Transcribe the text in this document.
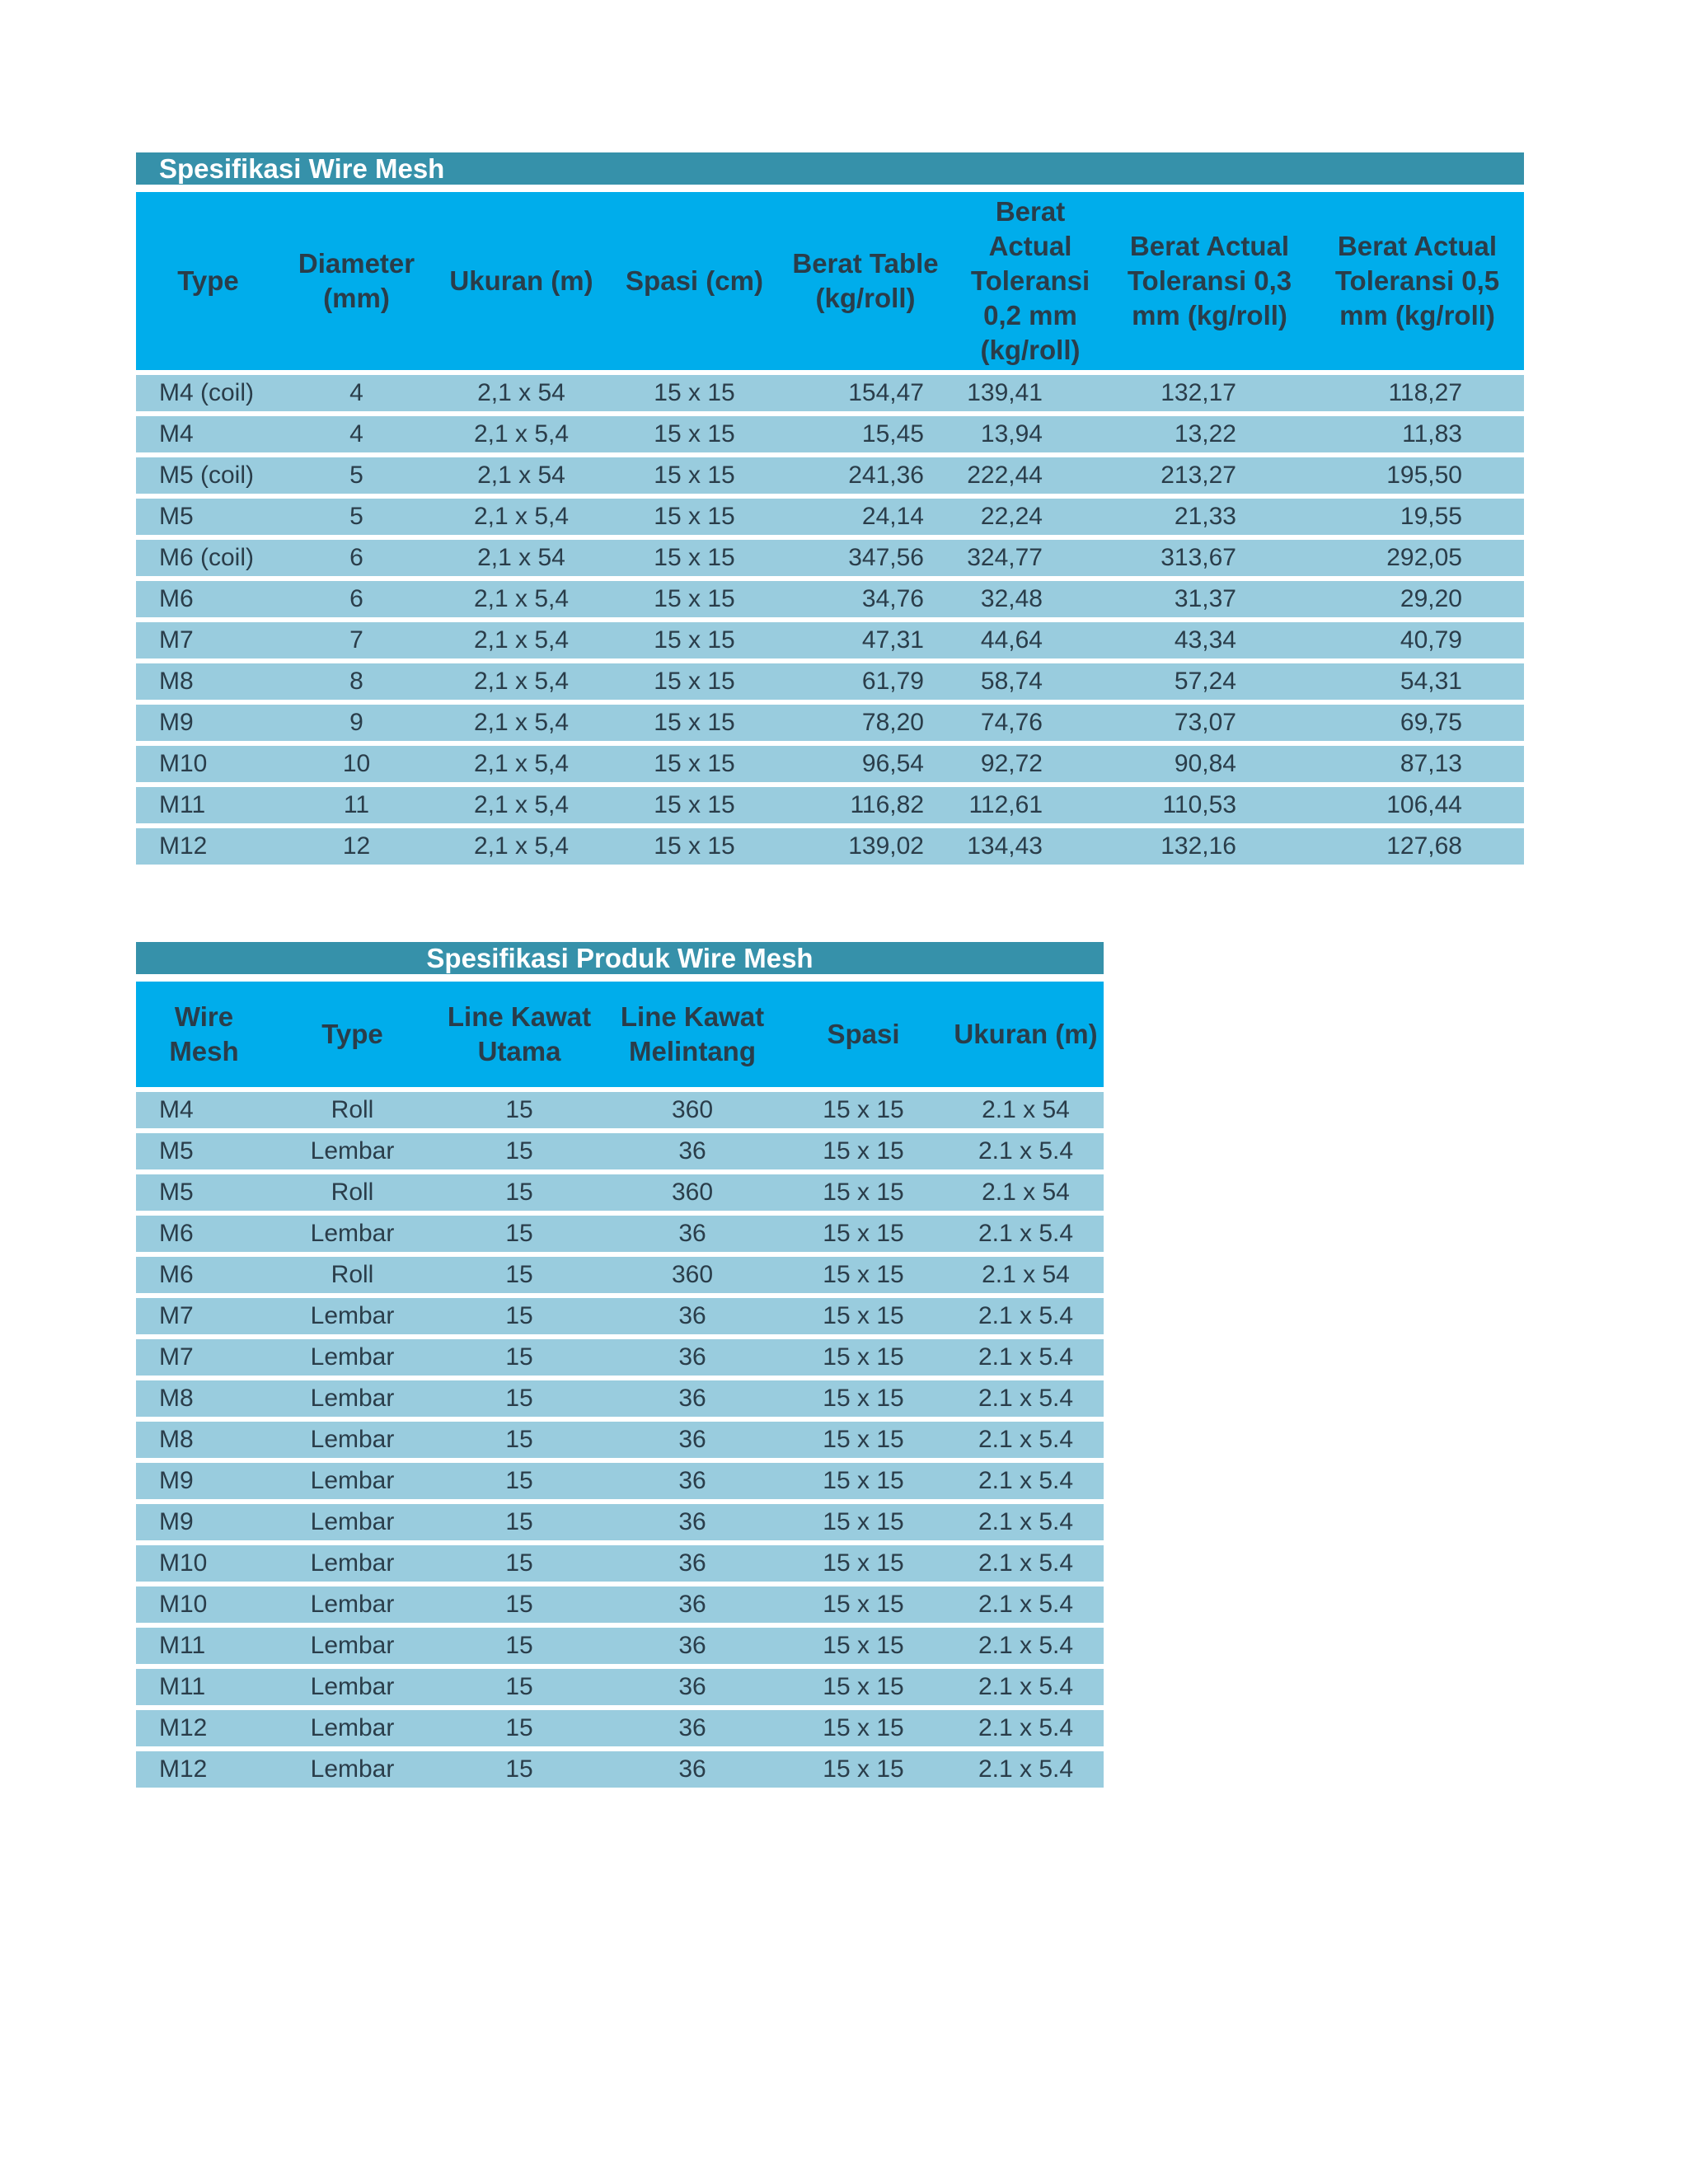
Spesifikasi Wire Mesh
Type	Diameter (mm)	Ukuran (m)	Spasi (cm)	Berat Table (kg/roll)	Berat Actual Toleransi 0,2 mm (kg/roll)	Berat Actual Toleransi 0,3 mm (kg/roll)	Berat Actual Toleransi 0,5 mm (kg/roll)
M4 (coil)	4	2,1 x 54	15 x 15	154,47	139,41	132,17	118,27
M4	4	2,1 x 5,4	15 x 15	15,45	13,94	13,22	11,83
M5 (coil)	5	2,1 x 54	15 x 15	241,36	222,44	213,27	195,50
M5	5	2,1 x 5,4	15 x 15	24,14	22,24	21,33	19,55
M6 (coil)	6	2,1 x 54	15 x 15	347,56	324,77	313,67	292,05
M6	6	2,1 x 5,4	15 x 15	34,76	32,48	31,37	29,20
M7	7	2,1 x 5,4	15 x 15	47,31	44,64	43,34	40,79
M8	8	2,1 x 5,4	15 x 15	61,79	58,74	57,24	54,31
M9	9	2,1 x 5,4	15 x 15	78,20	74,76	73,07	69,75
M10	10	2,1 x 5,4	15 x 15	96,54	92,72	90,84	87,13
M11	11	2,1 x 5,4	15 x 15	116,82	112,61	110,53	106,44
M12	12	2,1 x 5,4	15 x 15	139,02	134,43	132,16	127,68
Spesifikasi Produk Wire Mesh
Wire Mesh	Type	Line Kawat Utama	Line Kawat Melintang	Spasi	Ukuran (m)
M4	Roll	15	360	15 x 15	2.1 x 54
M5	Lembar	15	36	15 x 15	2.1 x 5.4
M5	Roll	15	360	15 x 15	2.1 x 54
M6	Lembar	15	36	15 x 15	2.1 x 5.4
M6	Roll	15	360	15 x 15	2.1 x 54
M7	Lembar	15	36	15 x 15	2.1 x 5.4
M7	Lembar	15	36	15 x 15	2.1 x 5.4
M8	Lembar	15	36	15 x 15	2.1 x 5.4
M8	Lembar	15	36	15 x 15	2.1 x 5.4
M9	Lembar	15	36	15 x 15	2.1 x 5.4
M9	Lembar	15	36	15 x 15	2.1 x 5.4
M10	Lembar	15	36	15 x 15	2.1 x 5.4
M10	Lembar	15	36	15 x 15	2.1 x 5.4
M11	Lembar	15	36	15 x 15	2.1 x 5.4
M11	Lembar	15	36	15 x 15	2.1 x 5.4
M12	Lembar	15	36	15 x 15	2.1 x 5.4
M12	Lembar	15	36	15 x 15	2.1 x 5.4
